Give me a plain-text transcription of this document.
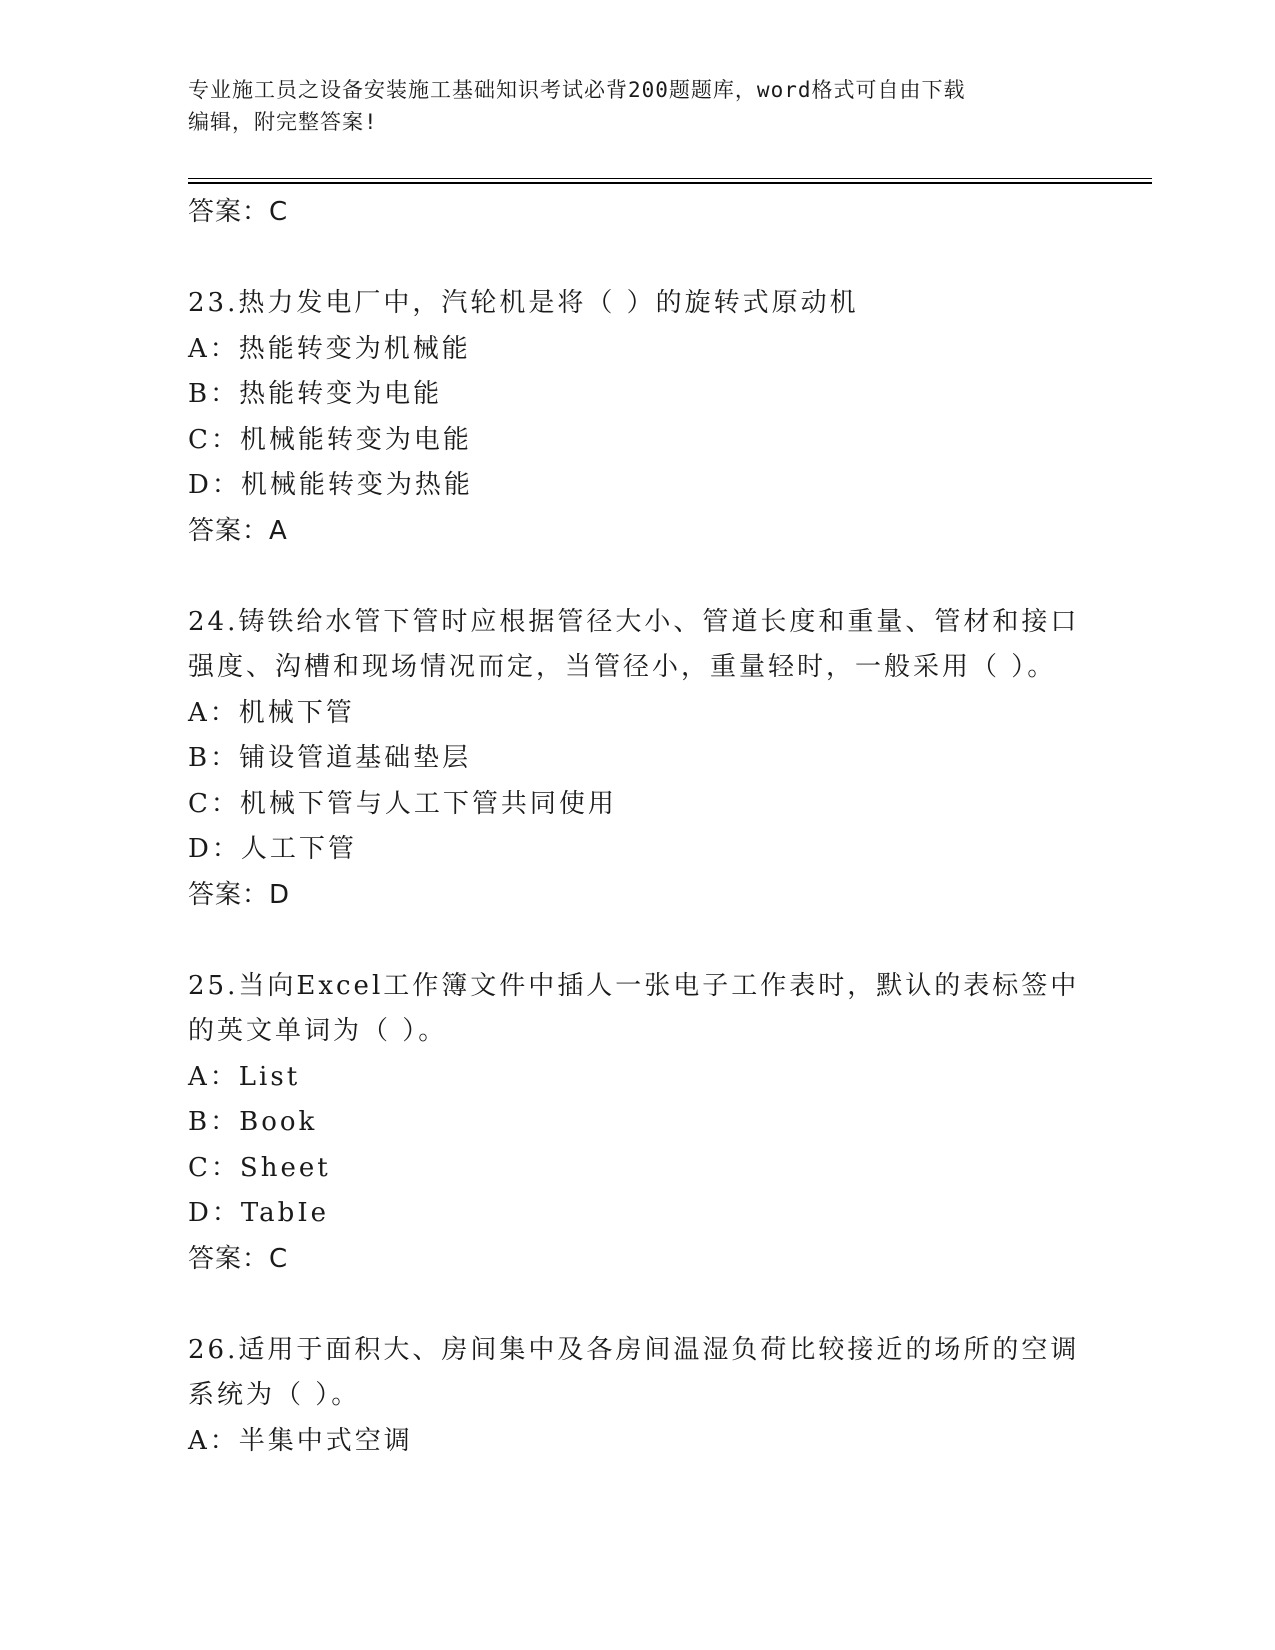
专业施工员之设备安装施工基础知识考试必背200题题库，word格式可自由下载
编辑，附完整答案!
答案：C
23.热力发电厂中，汽轮机是将（ ）的旋转式原动机
A：热能转变为机械能
B：热能转变为电能
C：机械能转变为电能
D：机械能转变为热能
答案：A
24.铸铁给水管下管时应根据管径大小、管道长度和重量、管材和接口
强度、沟槽和现场情况而定，当管径小，重量轻时，一般采用（ ）。
A：机械下管
B：铺设管道基础垫层
C：机械下管与人工下管共同使用
D：人工下管
答案：D
25.当向Excel工作簿文件中插人一张电子工作表时，默认的表标签中
的英文单词为（ ）。
A：List
B：Book
C：Sheet
D：TabIe
答案：C
26.适用于面积大、房间集中及各房间温湿负荷比较接近的场所的空调
系统为（ ）。
A：半集中式空调
